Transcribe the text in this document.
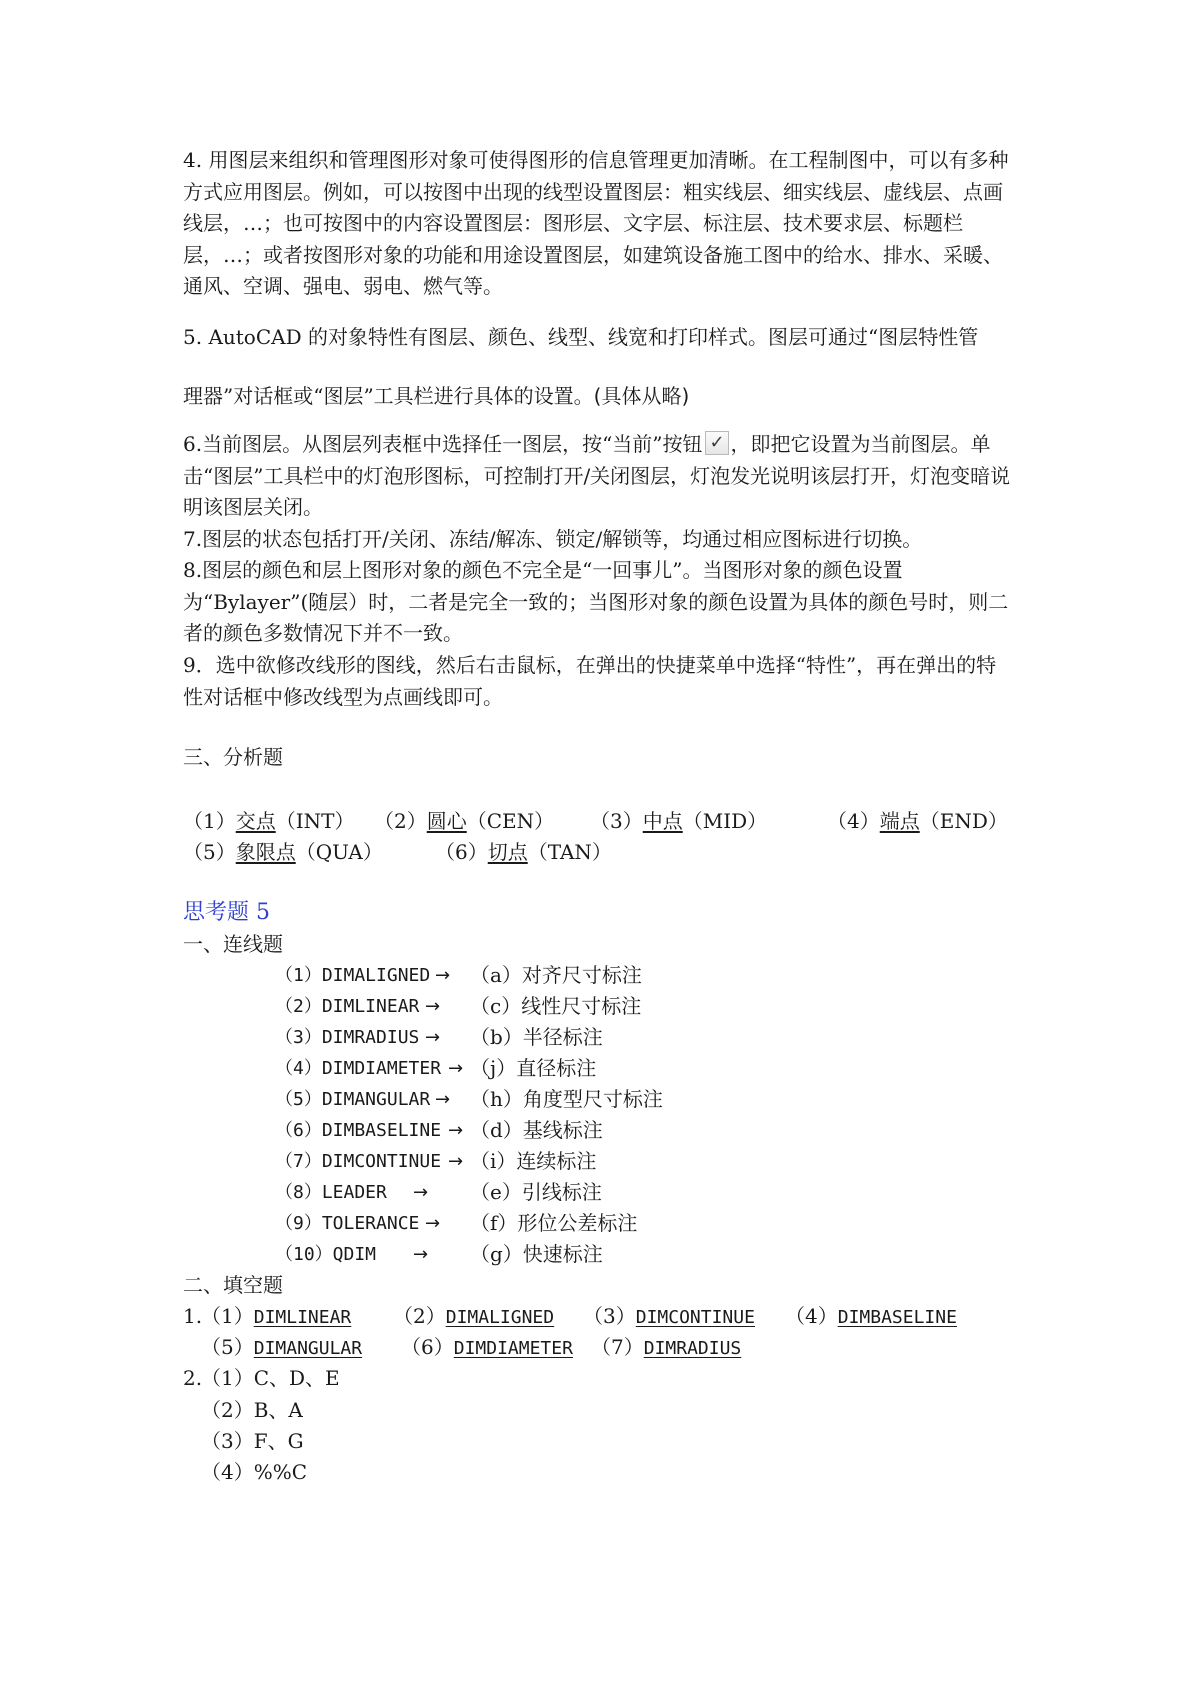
4. 用图层来组织和管理图形对象可使得图形的信息管理更加清晰。在工程制图中，可以有多种方式应用图层。例如，可以按图中出现的线型设置图层：粗实线层、细实线层、虚线层、点画线层，…；也可按图中的内容设置图层：图形层、文字层、标注层、技术要求层、标题栏层，…；或者按图形对象的功能和用途设置图层，如建筑设备施工图中的给水、排水、采暖、通风、空调、强电、弱电、燃气等。

5. AutoCAD 的对象特性有图层、颜色、线型、线宽和打印样式。图层可通过“图层特性管

理器”对话框或“图层”工具栏进行具体的设置。(具体从略)

6.当前图层。从图层列表框中选择任一图层，按“当前”按钮✓ ，即把它设置为当前图层。单击“图层”工具栏中的灯泡形图标，可控制打开/关闭图层，灯泡发光说明该层打开，灯泡变暗说明该图层关闭。

7.图层的状态包括打开/关闭、冻结/解冻、锁定/解锁等，均通过相应图标进行切换。

8.图层的颜色和层上图形对象的颜色不完全是“一回事儿”。当图形对象的颜色设置为“Bylayer”(随层）时，二者是完全一致的；当图形对象的颜色设置为具体的颜色号时，则二者的颜色多数情况下并不一致。

9．选中欲修改线形的图线，然后右击鼠标，在弹出的快捷菜单中选择“特性”，再在弹出的特性对话框中修改线型为点画线即可。

三、分析题
（1）交点（INT） （2）圆心（CEN） （3）中点（MID）	（4）端点（END）
（5）象限点（QUA）	（6）切点（TAN）
思考题 5
一、连线题
（1）DIMALIGNED → （a）对齐尺寸标注
（2）DIMLINEAR → （c）线性尺寸标注
（3）DIMRADIUS → （b）半径标注
（4）DIMDIAMETER → （j）直径标注
（5）DIMANGULAR → （h）角度型尺寸标注
（6）DIMBASELINE → （d）基线标注
（7）DIMCONTINUE → （i）连续标注
（8）LEADER → （e）引线标注
（9）TOLERANCE → （f）形位公差标注
（10）QDIM → （g）快速标注
二、填空题
1.
（1）DIMLINEAR （2）DIMALIGNED （3）DIMCONTINUE （4）DIMBASELINE
（5）DIMANGULAR （6）DIMDIAMETER （7）DIMRADIUS
2.
（1）C、D、E
（2）B、A
（3）F、G
（4）%%C
